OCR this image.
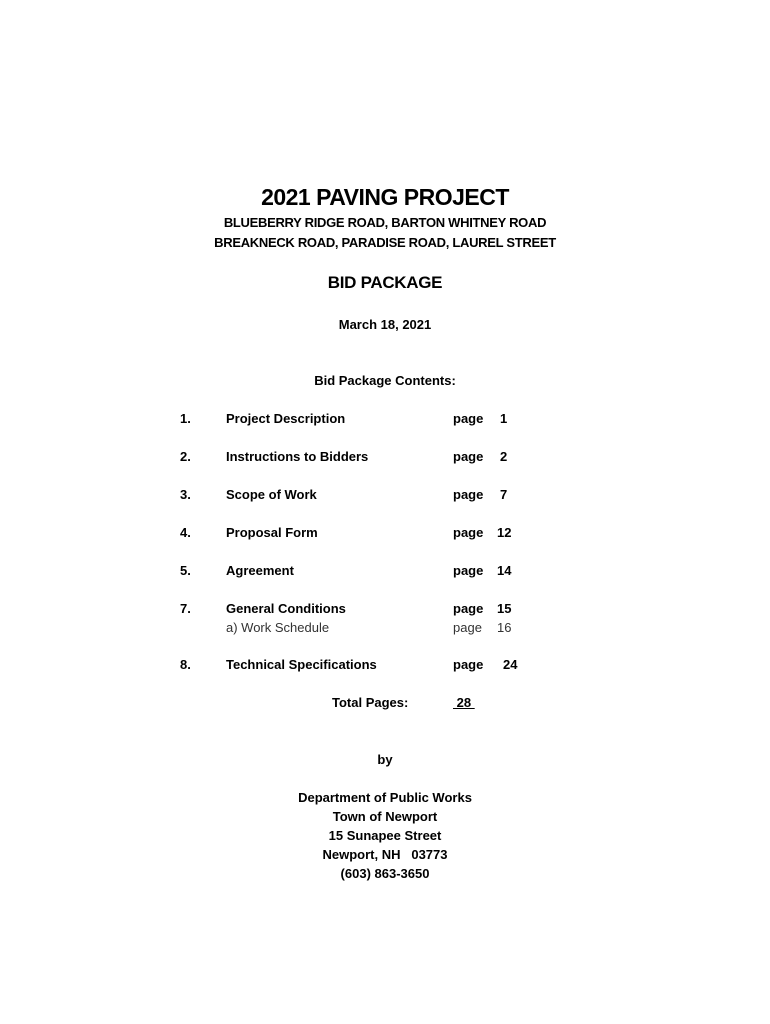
2021 PAVING PROJECT
BLUEBERRY RIDGE ROAD, BARTON WHITNEY ROAD
BREAKNECK ROAD, PARADISE ROAD, LAUREL STREET
BID PACKAGE
March 18, 2021
Bid Package Contents:
1.	Project Description	page 1
2.	Instructions to Bidders	page 2
3.	Scope of Work	page 7
4.	Proposal Form	page 12
5.	Agreement	page 14
7.	General Conditions	page 15
a) Work Schedule	page 16
8.	Technical Specifications	page 24
Total Pages:	28
by
Department of Public Works
Town of Newport
15 Sunapee Street
Newport, NH   03773
(603) 863-3650
